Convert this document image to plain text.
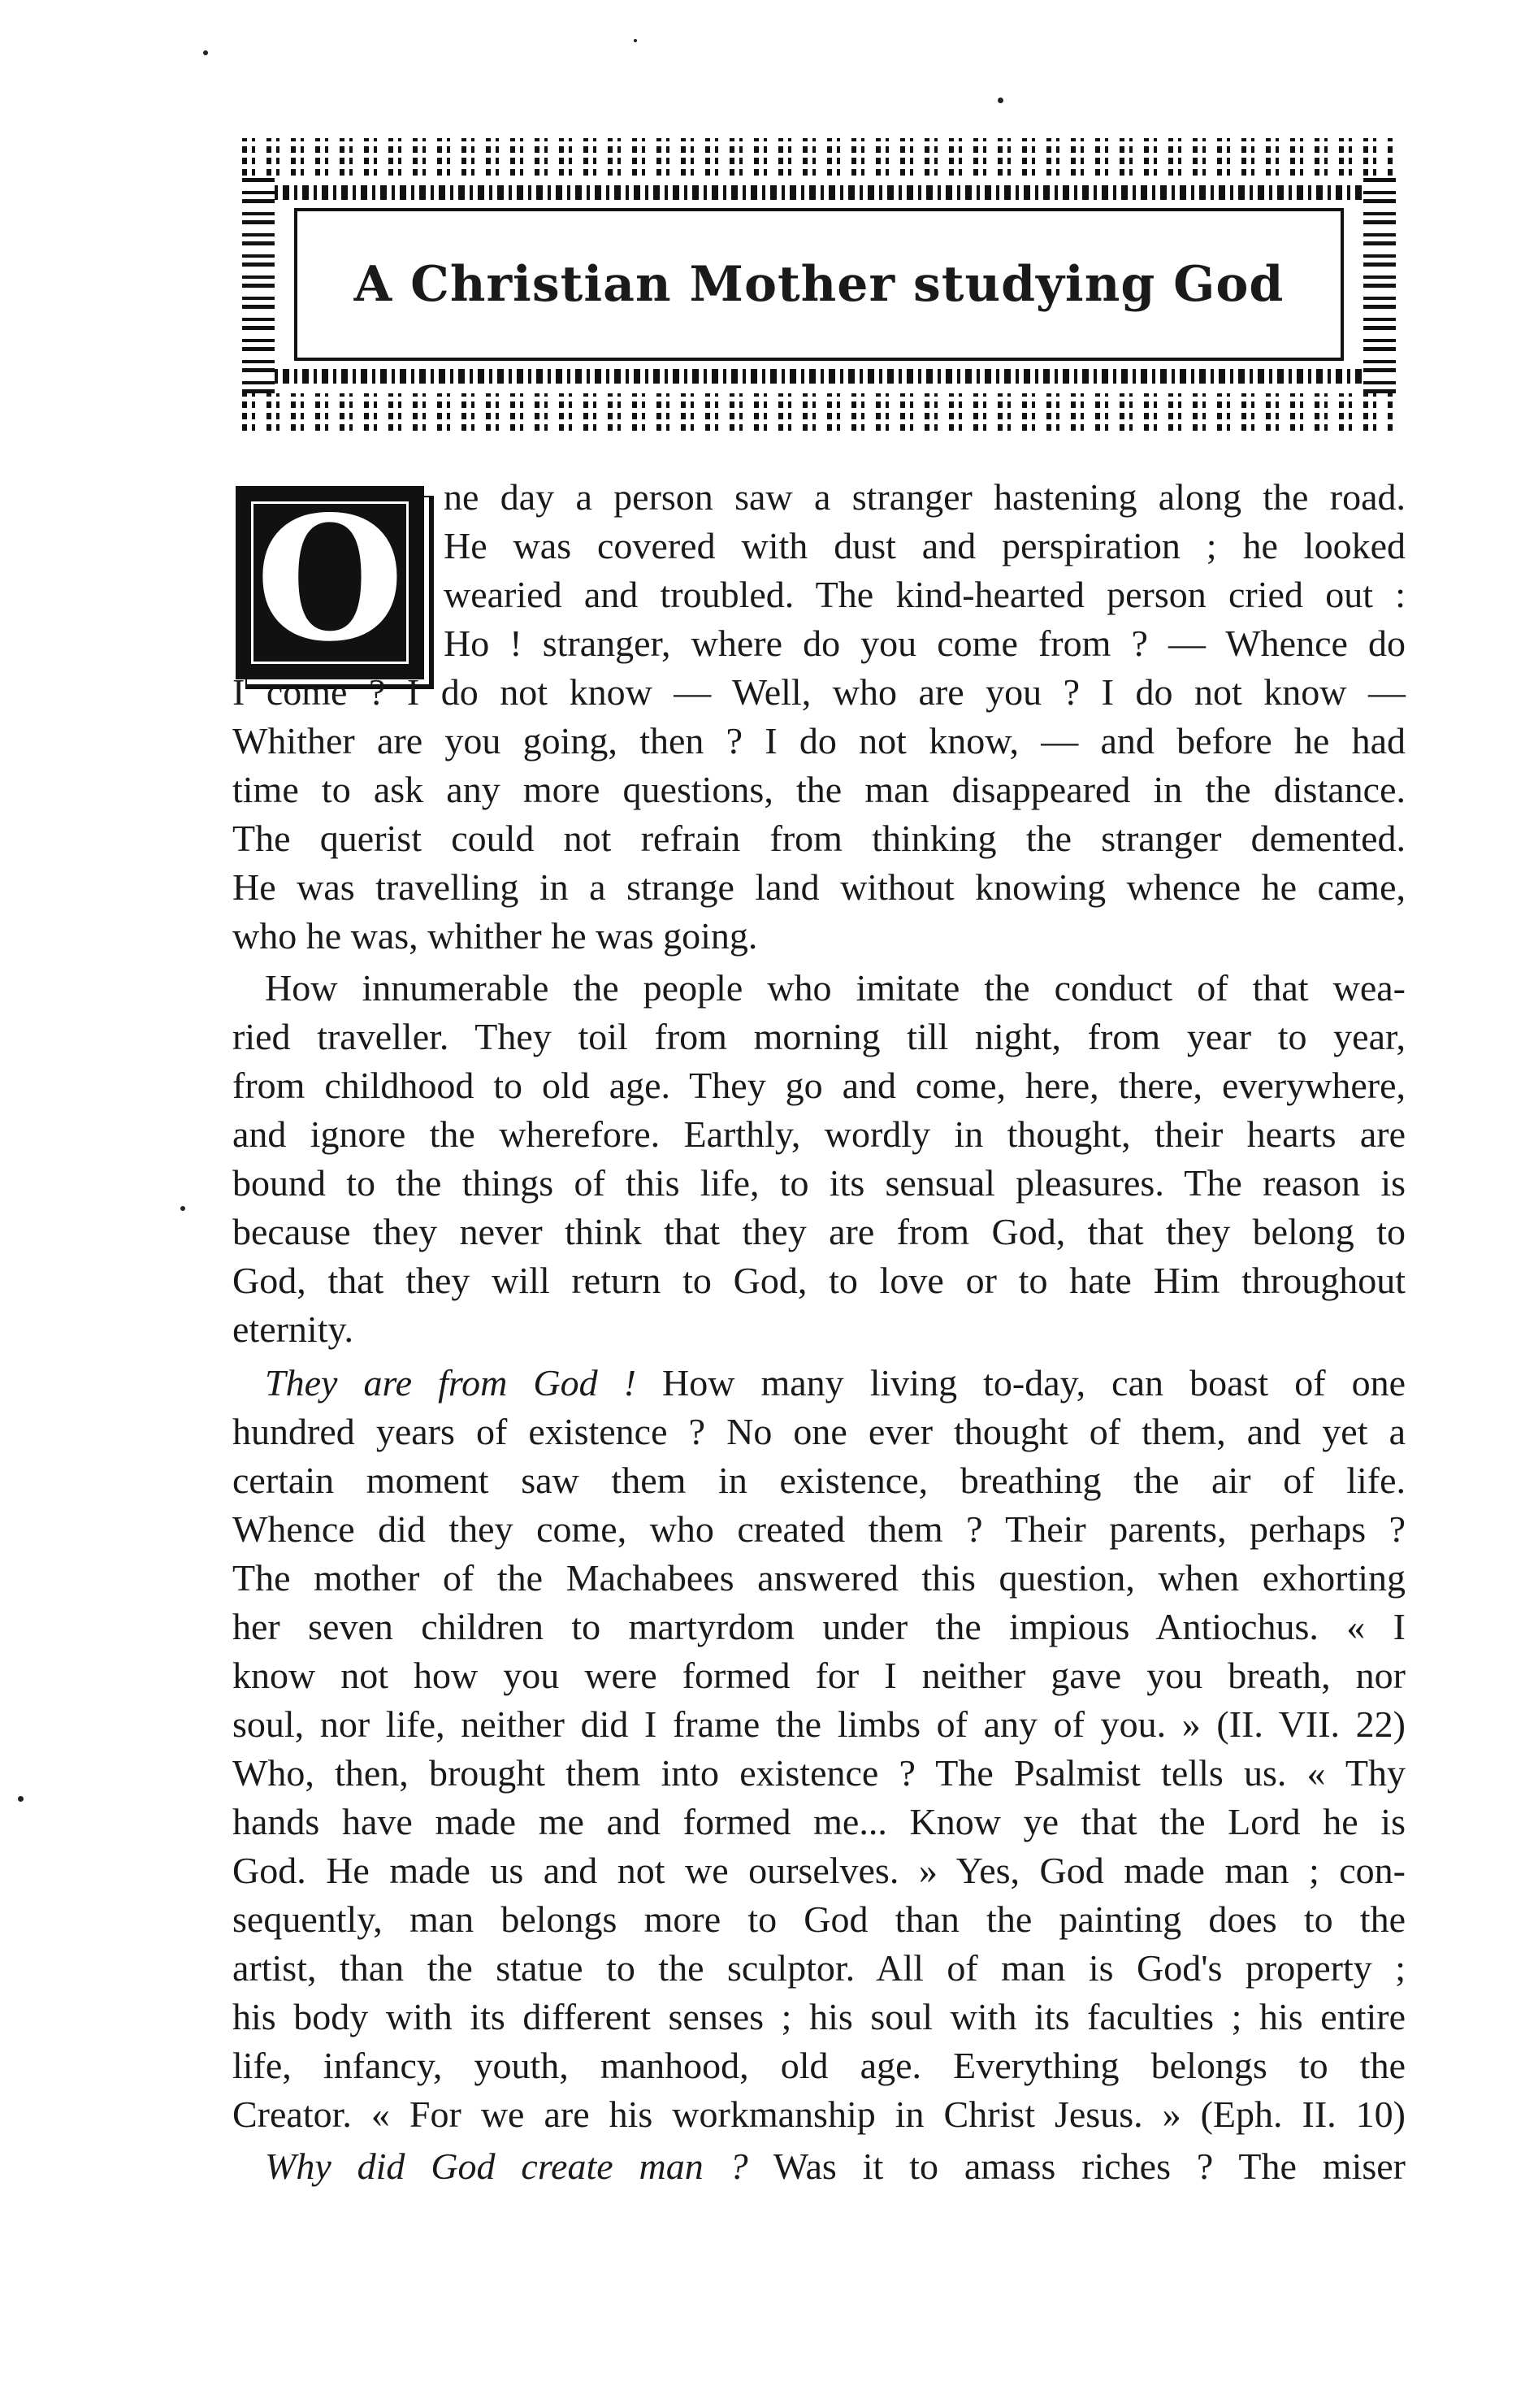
A Christian Mother studying God
O	ne day a person saw a stranger hastening along the road.
He was covered with dust and perspiration ; he looked
wearied and troubled. The kind-hearted person cried out :
Ho ! stranger, where do you come from ? — Whence do
I come ? I do not know — Well, who are you ? I do not know —
Whither are you going, then ? I do not know, — and before he had
time to ask any more questions, the man disappeared in the distance.
The querist could not refrain from thinking the stranger demented.
He was travelling in a strange land without knowing whence he came,
who he was, whither he was going.
How innumerable the people who imitate the conduct of that wea-
ried traveller. They toil from morning till night, from year to year,
from childhood to old age. They go and come, here, there, everywhere,
and ignore the wherefore. Earthly, wordly in thought, their hearts are
bound to the things of this life, to its sensual pleasures. The reason is
because they never think that they are from God, that they belong to
God, that they will return to God, to love or to hate Him throughout
eternity.
They are from God ! How many living to-day, can boast of one
hundred years of existence ? No one ever thought of them, and yet a
certain moment saw them in existence, breathing the air of life.
Whence did they come, who created them ? Their parents, perhaps ?
The mother of the Machabees answered this question, when exhorting
her seven children to martyrdom under the impious Antiochus. « I
know not how you were formed for I neither gave you breath, nor
soul, nor life, neither did I frame the limbs of any of you. » (II. VII. 22)
Who, then, brought them into existence ? The Psalmist tells us. « Thy
hands have made me and formed me... Know ye that the Lord he is
God. He made us and not we ourselves. » Yes, God made man ; con-
sequently, man belongs more to God than the painting does to the
artist, than the statue to the sculptor. All of man is God's property ;
his body with its different senses ; his soul with its faculties ; his entire
life, infancy, youth, manhood, old age. Everything belongs to the
Creator. « For we are his workmanship in Christ Jesus. » (Eph. II. 10)
Why did God create man ? Was it to amass riches ? The miser
